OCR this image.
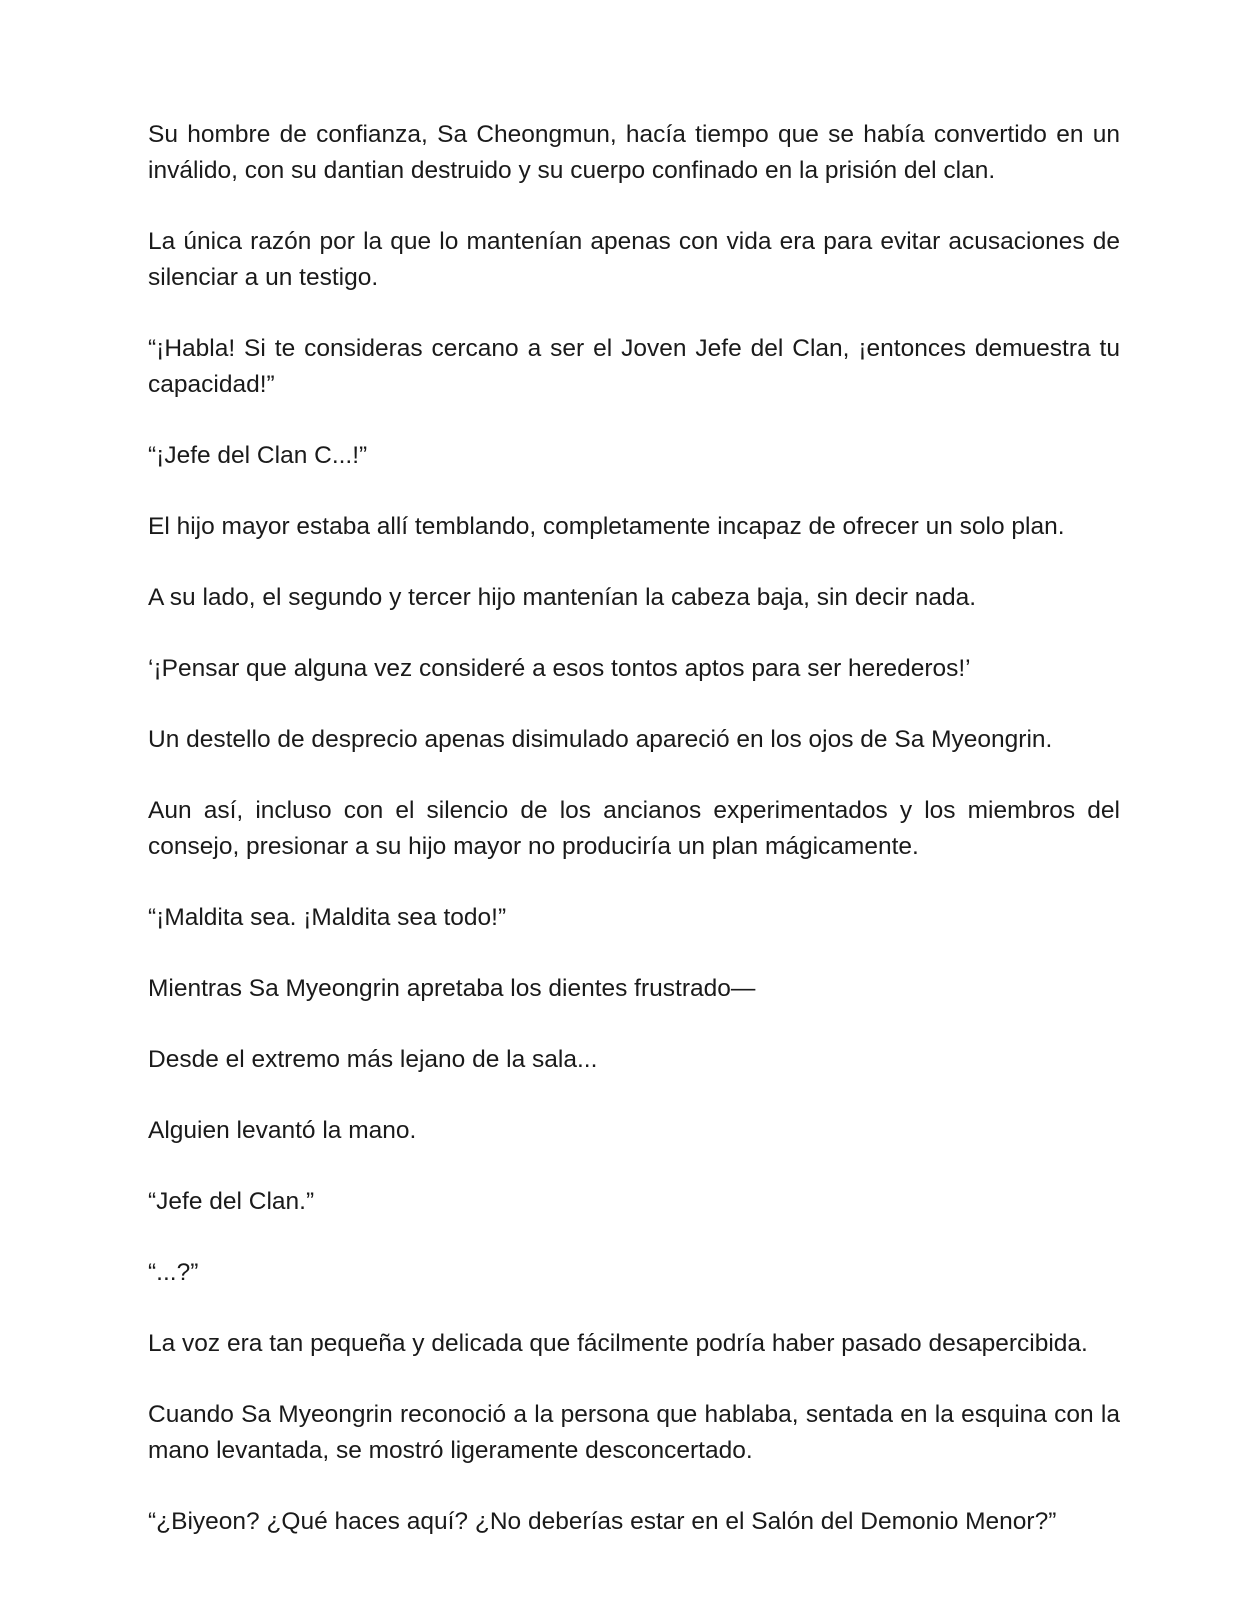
Su hombre de confianza, Sa Cheongmun, hacía tiempo que se había convertido en un inválido, con su dantian destruido y su cuerpo confinado en la prisión del clan.

La única razón por la que lo mantenían apenas con vida era para evitar acusaciones de silenciar a un testigo.

“¡Habla! Si te consideras cercano a ser el Joven Jefe del Clan, ¡entonces demuestra tu capacidad!”

“¡Jefe del Clan C...!”

El hijo mayor estaba allí temblando, completamente incapaz de ofrecer un solo plan.

A su lado, el segundo y tercer hijo mantenían la cabeza baja, sin decir nada.

‘¡Pensar que alguna vez consideré a esos tontos aptos para ser herederos!’

Un destello de desprecio apenas disimulado apareció en los ojos de Sa Myeongrin.

Aun así, incluso con el silencio de los ancianos experimentados y los miembros del consejo, presionar a su hijo mayor no produciría un plan mágicamente.

“¡Maldita sea. ¡Maldita sea todo!”

Mientras Sa Myeongrin apretaba los dientes frustrado—

Desde el extremo más lejano de la sala...

Alguien levantó la mano.

“Jefe del Clan.”

“...?”

La voz era tan pequeña y delicada que fácilmente podría haber pasado desapercibida.

Cuando Sa Myeongrin reconoció a la persona que hablaba, sentada en la esquina con la mano levantada, se mostró ligeramente desconcertado.

“¿Biyeon? ¿Qué haces aquí? ¿No deberías estar en el Salón del Demonio Menor?”
